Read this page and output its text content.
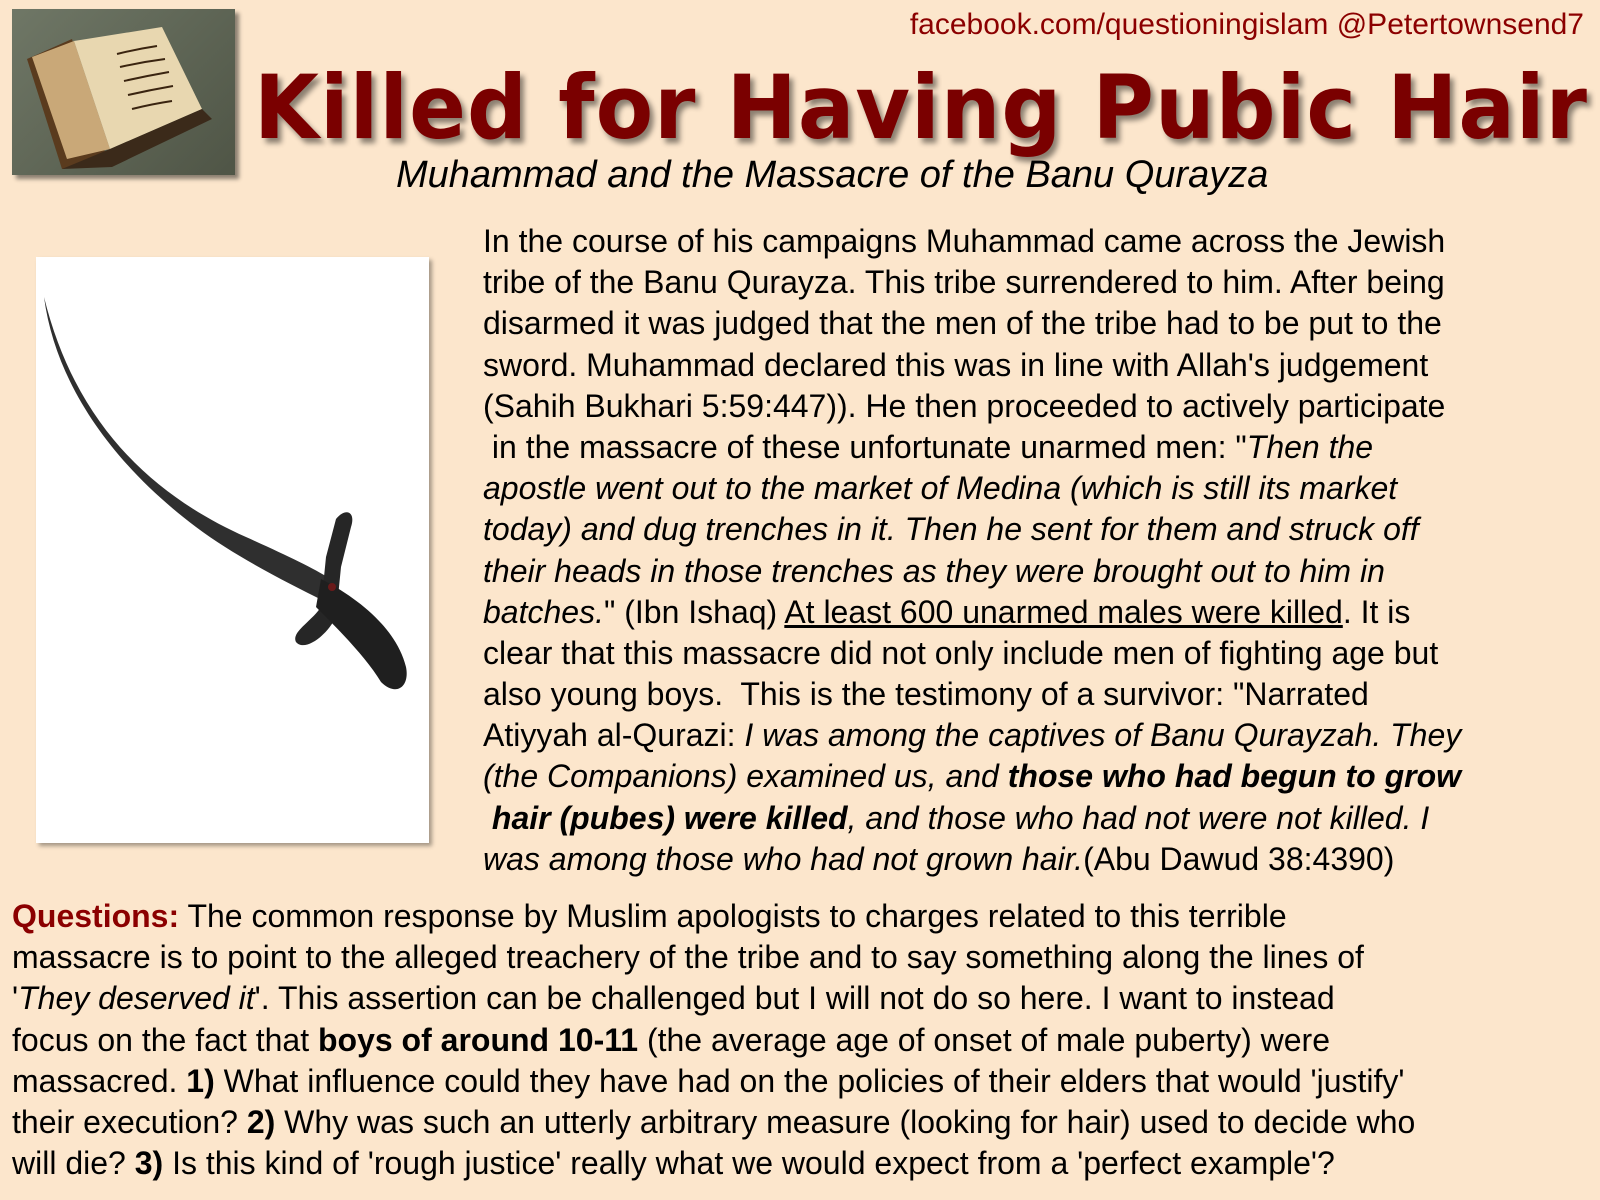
facebook.com/questioningislam @Petertownsend7
Killed for Having Pubic Hair
Muhammad and the Massacre of the Banu Qurayza
In the course of his campaigns Muhammad came across the Jewish
tribe of the Banu Qurayza. This tribe surrendered to him. After being
disarmed it was judged that the men of the tribe had to be put to the
sword. Muhammad declared this was in line with Allah's judgement
(Sahih Bukhari 5:59:447)). He then proceeded to actively participate
in the massacre of these unfortunate unarmed men: "Then the
apostle went out to the market of Medina (which is still its market
today) and dug trenches in it. Then he sent for them and struck off
their heads in those trenches as they were brought out to him in
batches." (Ibn Ishaq) At least 600 unarmed males were killed. It is
clear that this massacre did not only include men of fighting age but
also young boys.  This is the testimony of a survivor: "Narrated
Atiyyah al-Qurazi: I was among the captives of Banu Qurayzah. They
(the Companions) examined us, and those who had begun to grow
hair (pubes) were killed, and those who had not were not killed. I
was among those who had not grown hair.(Abu Dawud 38:4390)
Questions: The common response by Muslim apologists to charges related to this terrible
massacre is to point to the alleged treachery of the tribe and to say something along the lines of
'They deserved it'. This assertion can be challenged but I will not do so here. I want to instead
focus on the fact that boys of around 10-11 (the average age of onset of male puberty) were
massacred. 1) What influence could they have had on the policies of their elders that would 'justify'
their execution? 2) Why was such an utterly arbitrary measure (looking for hair) used to decide who
will die? 3) Is this kind of 'rough justice' really what we would expect from a 'perfect example'?
